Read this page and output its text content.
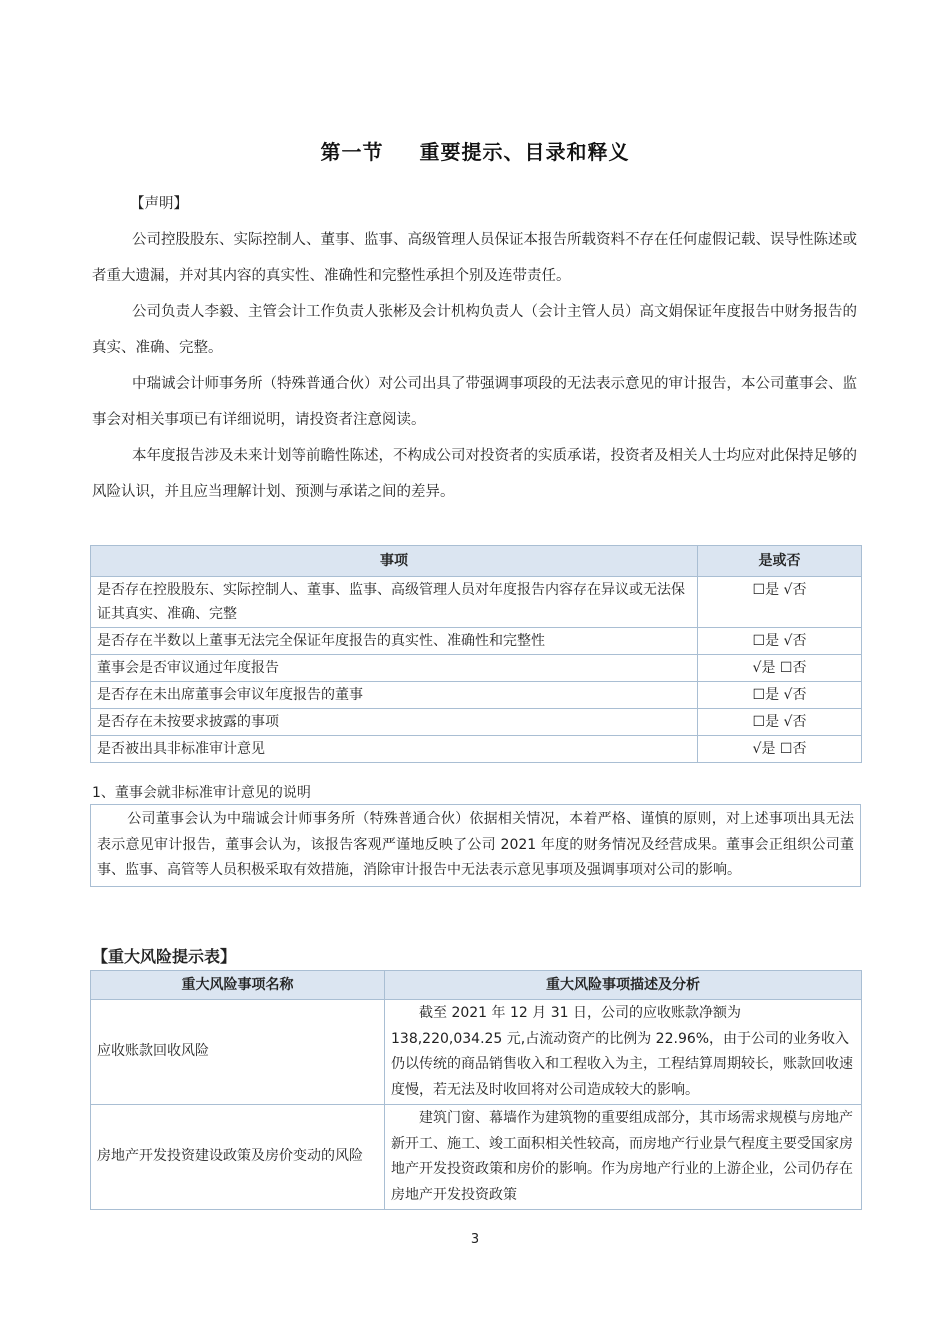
第一节 重要提示、目录和释义
【声明】
公司控股股东、实际控制人、董事、监事、高级管理人员保证本报告所载资料不存在任何虚假记载、误导性陈述或者重大遗漏，并对其内容的真实性、准确性和完整性承担个别及连带责任。
公司负责人李毅、主管会计工作负责人张彬及会计机构负责人（会计主管人员）高文娟保证年度报告中财务报告的真实、准确、完整。
中瑞诚会计师事务所（特殊普通合伙）对公司出具了带强调事项段的无法表示意见的审计报告，本公司董事会、监事会对相关事项已有详细说明，请投资者注意阅读。
本年度报告涉及未来计划等前瞻性陈述，不构成公司对投资者的实质承诺，投资者及相关人士均应对此保持足够的风险认识，并且应当理解计划、预测与承诺之间的差异。
事项	是或否
是否存在控股股东、实际控制人、董事、监事、高级管理人员对年度报告内容存在异议或无法保证其真实、准确、完整	☐是 √否
是否存在半数以上董事无法完全保证年度报告的真实性、准确性和完整性	☐是 √否
董事会是否审议通过年度报告	√是 ☐否
是否存在未出席董事会审议年度报告的董事	☐是 √否
是否存在未按要求披露的事项	☐是 √否
是否被出具非标准审计意见	√是 ☐否
1、董事会就非标准审计意见的说明
公司董事会认为中瑞诚会计师事务所（特殊普通合伙）依据相关情况，本着严格、谨慎的原则，对上述事项出具无法表示意见审计报告，董事会认为，该报告客观严谨地反映了公司 2021 年度的财务情况及经营成果。董事会正组织公司董事、监事、高管等人员积极采取有效措施，消除审计报告中无法表示意见事项及强调事项对公司的影响。
【重大风险提示表】
重大风险事项名称	重大风险事项描述及分析
应收账款回收风险	截至 2021 年 12 月 31 日，公司的应收账款净额为 138,220,034.25 元,占流动资产的比例为 22.96%，由于公司的业务收入仍以传统的商品销售收入和工程收入为主，工程结算周期较长，账款回收速度慢，若无法及时收回将对公司造成较大的影响。
房地产开发投资建设政策及房价变动的风险	建筑门窗、幕墙作为建筑物的重要组成部分，其市场需求规模与房地产新开工、施工、竣工面积相关性较高，而房地产行业景气程度主要受国家房地产开发投资政策和房价的影响。作为房地产行业的上游企业，公司仍存在房地产开发投资政策
3
